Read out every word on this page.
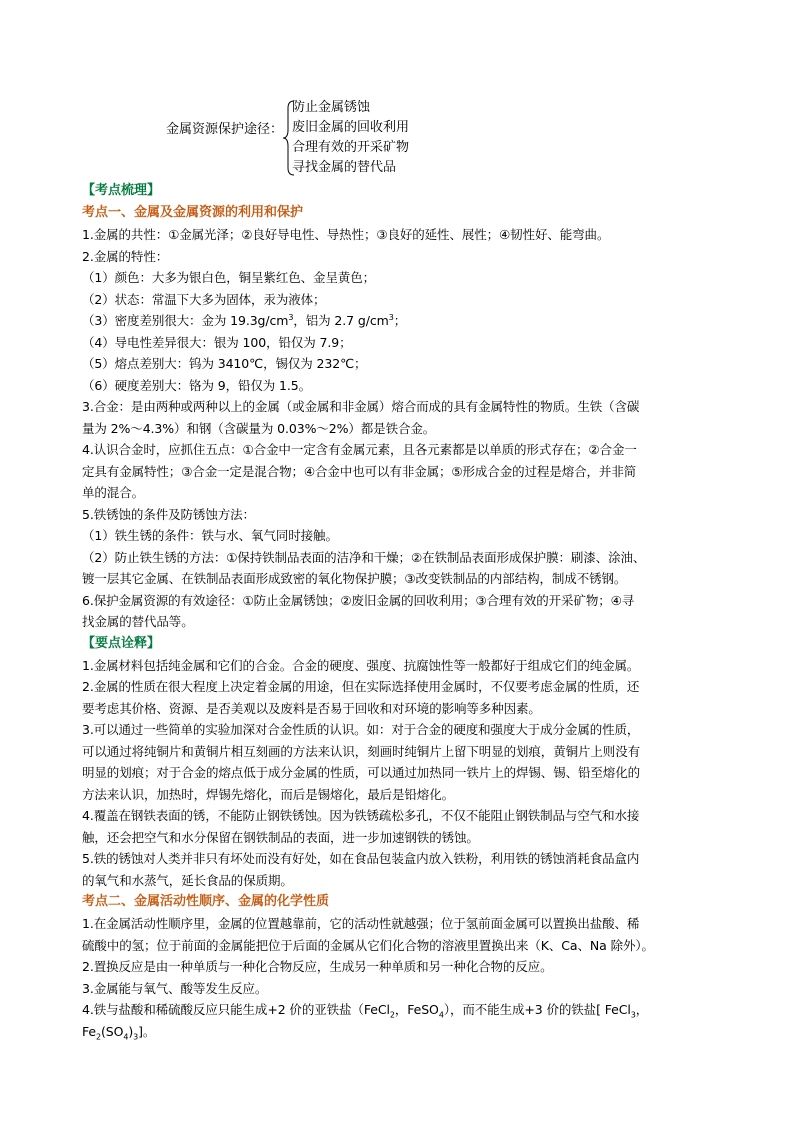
金属资源保护途径：
防止金属锈蚀
废旧金属的回收利用
合理有效的开采矿物
寻找金属的替代品
【考点梳理】
考点一、金属及金属资源的利用和保护
1.金属的共性：①金属光泽；②良好导电性、导热性；③良好的延性、展性；④韧性好、能弯曲。
2.金属的特性：
（1）颜色：大多为银白色，铜呈紫红色、金呈黄色；
（2）状态：常温下大多为固体，汞为液体；
（3）密度差别很大：金为 $19.3g/cm^3$，铝为 2.7 $g/cm^3$；
（4）导电性差异很大：银为 100，铅仅为 7.9；
（5）熔点差别大：钨为 3410℃，锡仅为 232℃；
（6）硬度差别大：铬为 9，铅仅为 1.5。
3.合金：是由两种或两种以上的金属（或金属和非金属）熔合而成的具有金属特性的物质。生铁（含碳
量为 2%～4.3%）和钢（含碳量为 0.03%～2%）都是铁合金。
4.认识合金时，应抓住五点：①合金中一定含有金属元素，且各元素都是以单质的形式存在；②合金一
定具有金属特性；③合金一定是混合物；④合金中也可以有非金属；⑤形成合金的过程是熔合，并非简
单的混合。
5.铁锈蚀的条件及防锈蚀方法：
（1）铁生锈的条件：铁与水、氧气同时接触。
（2）防止铁生锈的方法：①保持铁制品表面的洁净和干燥；②在铁制品表面形成保护膜：刷漆、涂油、
镀一层其它金属、在铁制品表面形成致密的氧化物保护膜；③改变铁制品的内部结构，制成不锈钢。
6.保护金属资源的有效途径：①防止金属锈蚀；②废旧金属的回收利用；③合理有效的开采矿物；④寻
找金属的替代品等。
【要点诠释】
1.金属材料包括纯金属和它们的合金。合金的硬度、强度、抗腐蚀性等一般都好于组成它们的纯金属。
2.金属的性质在很大程度上决定着金属的用途，但在实际选择使用金属时，不仅要考虑金属的性质，还
要考虑其价格、资源、是否美观以及废料是否易于回收和对环境的影响等多种因素。
3.可以通过一些简单的实验加深对合金性质的认识。如：对于合金的硬度和强度大于成分金属的性质，
可以通过将纯铜片和黄铜片相互刻画的方法来认识，刻画时纯铜片上留下明显的划痕，黄铜片上则没有
明显的划痕；对于合金的熔点低于成分金属的性质，可以通过加热同一铁片上的焊锡、锡、铅至熔化的
方法来认识，加热时，焊锡先熔化，而后是锡熔化，最后是铅熔化。
4.覆盖在钢铁表面的锈，不能防止钢铁锈蚀。因为铁锈疏松多孔，不仅不能阻止钢铁制品与空气和水接
触，还会把空气和水分保留在钢铁制品的表面，进一步加速钢铁的锈蚀。
5.铁的锈蚀对人类并非只有坏处而没有好处，如在食品包装盒内放入铁粉，利用铁的锈蚀消耗食品盒内
的氧气和水蒸气，延长食品的保质期。
考点二、金属活动性顺序、金属的化学性质
1.在金属活动性顺序里，金属的位置越靠前，它的活动性就越强；位于氢前面金属可以置换出盐酸、稀
硫酸中的氢；位于前面的金属能把位于后面的金属从它们化合物的溶液里置换出来（K、Ca、Na 除外）。
2.置换反应是由一种单质与一种化合物反应，生成另一种单质和另一种化合物的反应。
3.金属能与氧气、酸等发生反应。
4.铁与盐酸和稀硫酸反应只能生成+2 价的亚铁盐（FeCl$_2$，FeSO$_4$），而不能生成+3 价的铁盐[ FeCl$_3$，
$Fe_2(SO_4)_3$]。
